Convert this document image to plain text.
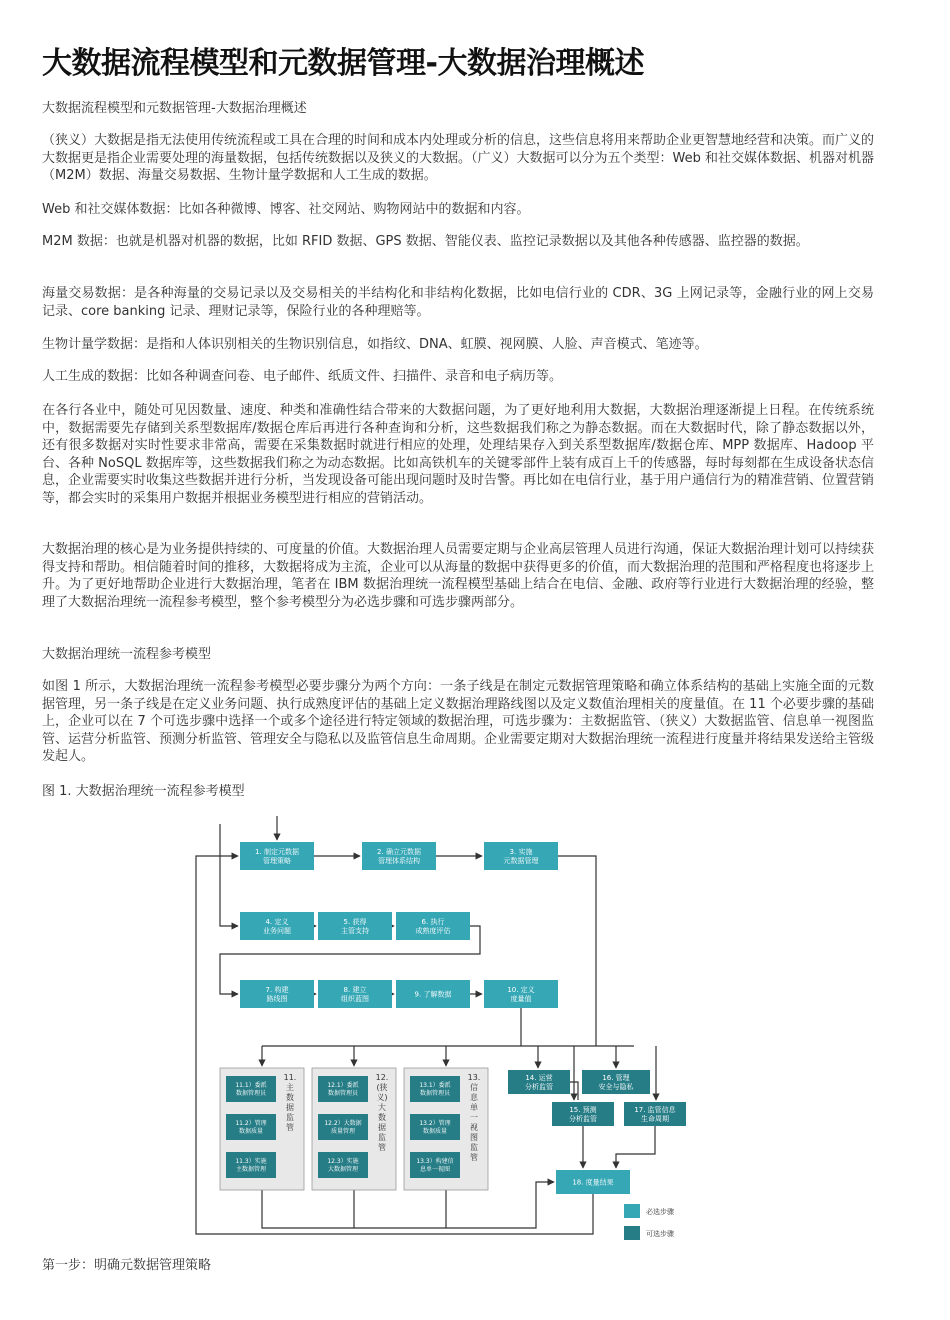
大数据流程模型和元数据管理-大数据治理概述

大数据流程模型和元数据管理-大数据治理概述

（狭义）大数据是指无法使用传统流程或工具在合理的时间和成本内处理或分析的信息，这些信息将用来帮助企业更智慧地经营和决策。而广义的大数据更是指企业需要处理的海量数据，包括传统数据以及狭义的大数据。（广义）大数据可以分为五个类型：Web 和社交媒体数据、机器对机器（M2M）数据、海量交易数据、生物计量学数据和人工生成的数据。

Web 和社交媒体数据：比如各种微博、博客、社交网站、购物网站中的数据和内容。

M2M 数据：也就是机器对机器的数据，比如 RFID 数据、GPS 数据、智能仪表、监控记录数据以及其他各种传感器、监控器的数据。

海量交易数据：是各种海量的交易记录以及交易相关的半结构化和非结构化数据，比如电信行业的 CDR、3G 上网记录等，金融行业的网上交易记录、core banking 记录、理财记录等，保险行业的各种理赔等。

生物计量学数据：是指和人体识别相关的生物识别信息，如指纹、DNA、虹膜、视网膜、人脸、声音模式、笔迹等。

人工生成的数据：比如各种调查问卷、电子邮件、纸质文件、扫描件、录音和电子病历等。

在各行各业中，随处可见因数量、速度、种类和准确性结合带来的大数据问题，为了更好地利用大数据，大数据治理逐渐提上日程。在传统系统中，数据需要先存储到关系型数据库/数据仓库后再进行各种查询和分析，这些数据我们称之为静态数据。而在大数据时代，除了静态数据以外，还有很多数据对实时性要求非常高，需要在采集数据时就进行相应的处理，处理结果存入到关系型数据库/数据仓库、MPP 数据库、Hadoop 平台、各种 NoSQL 数据库等，这些数据我们称之为动态数据。比如高铁机车的关键零部件上装有成百上千的传感器，每时每刻都在生成设备状态信息，企业需要实时收集这些数据并进行分析，当发现设备可能出现问题时及时告警。再比如在电信行业，基于用户通信行为的精准营销、位置营销等，都会实时的采集用户数据并根据业务模型进行相应的营销活动。

大数据治理的核心是为业务提供持续的、可度量的价值。大数据治理人员需要定期与企业高层管理人员进行沟通，保证大数据治理计划可以持续获得支持和帮助。相信随着时间的推移，大数据将成为主流，企业可以从海量的数据中获得更多的价值，而大数据治理的范围和严格程度也将逐步上升。为了更好地帮助企业进行大数据治理，笔者在 IBM 数据治理统一流程模型基础上结合在电信、金融、政府等行业进行大数据治理的经验，整理了大数据治理统一流程参考模型，整个参考模型分为必选步骤和可选步骤两部分。

大数据治理统一流程参考模型

如图 1 所示，大数据治理统一流程参考模型必要步骤分为两个方向：一条子线是在制定元数据管理策略和确立体系结构的基础上实施全面的元数据管理，另一条子线是在定义业务问题、执行成熟度评估的基础上定义数据治理路线图以及定义数值治理相关的度量值。在 11 个必要步骤的基础上，企业可以在 7 个可选步骤中选择一个或多个途径进行特定领域的数据治理，可选步骤为：主数据监管、（狭义）大数据监管、信息单一视图监管、运营分析监管、预测分析监管、管理安全与隐私以及监管信息生命周期。企业需要定期对大数据治理统一流程进行度量并将结果发送给主管级发起人。

图 1. 大数据治理统一流程参考模型

第一步：明确元数据管理策略

1. 制定元数据
管理策略
2. 确立元数据
管理体系结构
3. 实施
元数据管理
4. 定义
业务问题
5. 获得
主管支持
6. 执行
成熟度评估
7. 构建
路线图
8. 建立
组织蓝图
9. 了解数据
10. 定义
度量值
11.
主
数
据
监
管
11.1）委派
数据管理员
11.2）管理
数据质量
11.3）实施
主数据管理
12.
(狭
义)
大
数
据
监
管
12.1）委派
数据管理员
12.2）大数据
质量管理
12.3）实施
大数据管理
13.
信
息
单
一
视
图
监
管
13.1）委派
数据管理员
13.2）管理
数据质量
13.3）构建信
息单一视图
14. 运营
分析监管
16. 管理
安全与隐私
15. 预测
分析监管
17. 监管信息
生命周期
18. 度量结果
必选步骤
可选步骤
